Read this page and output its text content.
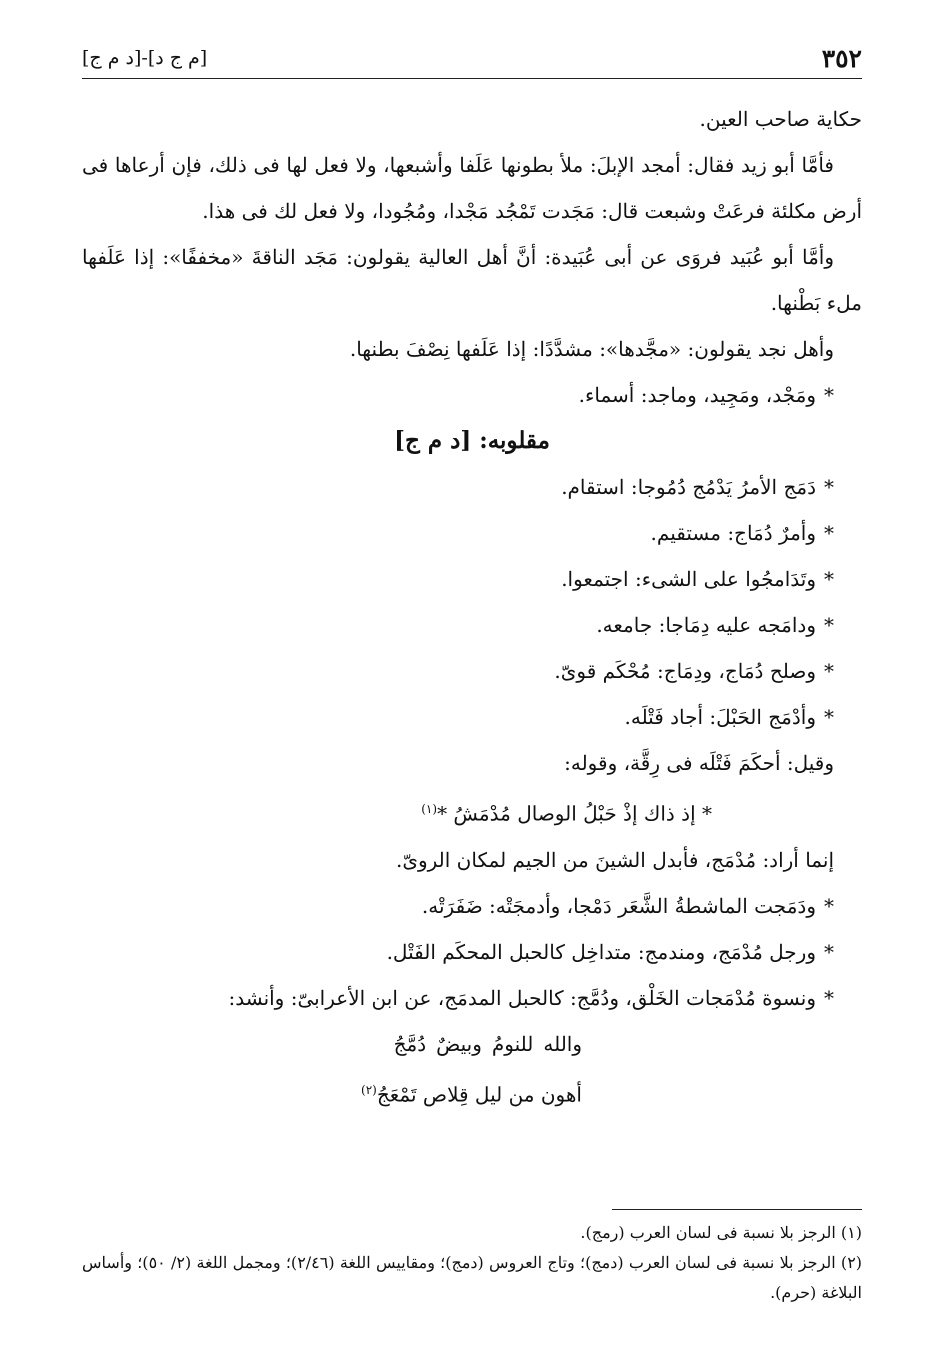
٣٥٢
[م ج د]-[د م ج]

حكاية صاحب العين.

فأمَّا أبو زيد فقال: أمجد الإبلَ: ملأ بطونها عَلَفا وأشبعها، ولا فعل لها فى ذلك، فإن أرعاها فى أرض مكلئة فرعَتْ وشبعت قال: مَجَدت تَمْجُد مَجْدا، ومُجُودا، ولا فعل لك فى هذا.

وأمَّا أبو عُبَيد فروَى عن أبى عُبَيدة: أنَّ أهل العالية يقولون: مَجَد الناقةَ «مخففًا»: إذا عَلَفها ملء بَطْنها.

وأهل نجد يقولون: «مجَّدها»: مشدَّدًا: إذا عَلَفها نِصْفَ بطنها.

*ومَجْد، ومَجِيد، وماجد: أسماء.

مقلوبه: [د م ج]

*دَمَج الأمرُ يَدْمُج دُمُوجا: استقام.

*وأمرٌ دُمَاج: مستقيم.

*وتَدَامجُوا على الشىء: اجتمعوا.

*ودامَجه عليه دِمَاجا: جامعه.

*وصلح دُمَاج، ودِمَاج: مُحْكَم قوىّ.

*وأدْمَج الحَبْلَ: أجاد فَتْلَه.

وقيل: أحكَمَ فَتْلَه فى رِقَّة، وقوله:

* إذ ذاك إذْ حَبْلُ الوصال مُدْمَشُ *$^{(١)}$

إنما أراد: مُدْمَج، فأبدل الشينَ من الجيم لمكان الروىّ.

*ودَمَجت الماشطةُ الشَّعَر دَمْجا، وأدمجَتْه: ضَفَرَتْه.

*ورجل مُدْمَج، ومندمج: متداخِل كالحبل المحكَم الفَتْل.

*ونسوة مُدْمَجات الخَلْق، ودُمَّج: كالحبل المدمَج، عن ابن الأعرابىّ: وأنشد:

واللهللنومُوبيضٌدُمَّجُ

أهون من ليل قِلاص تَمْعَجُ$^{(٢)}$

(١) الرجز بلا نسبة فى لسان العرب (رمج).

(٢) الرجز بلا نسبة فى لسان العرب (دمج)؛ وتاج العروس (دمج)؛ ومقاييس اللغة (٢/٤٦)؛ ومجمل اللغة (٢/ ٥٠)؛ وأساس البلاغة (حرم).
